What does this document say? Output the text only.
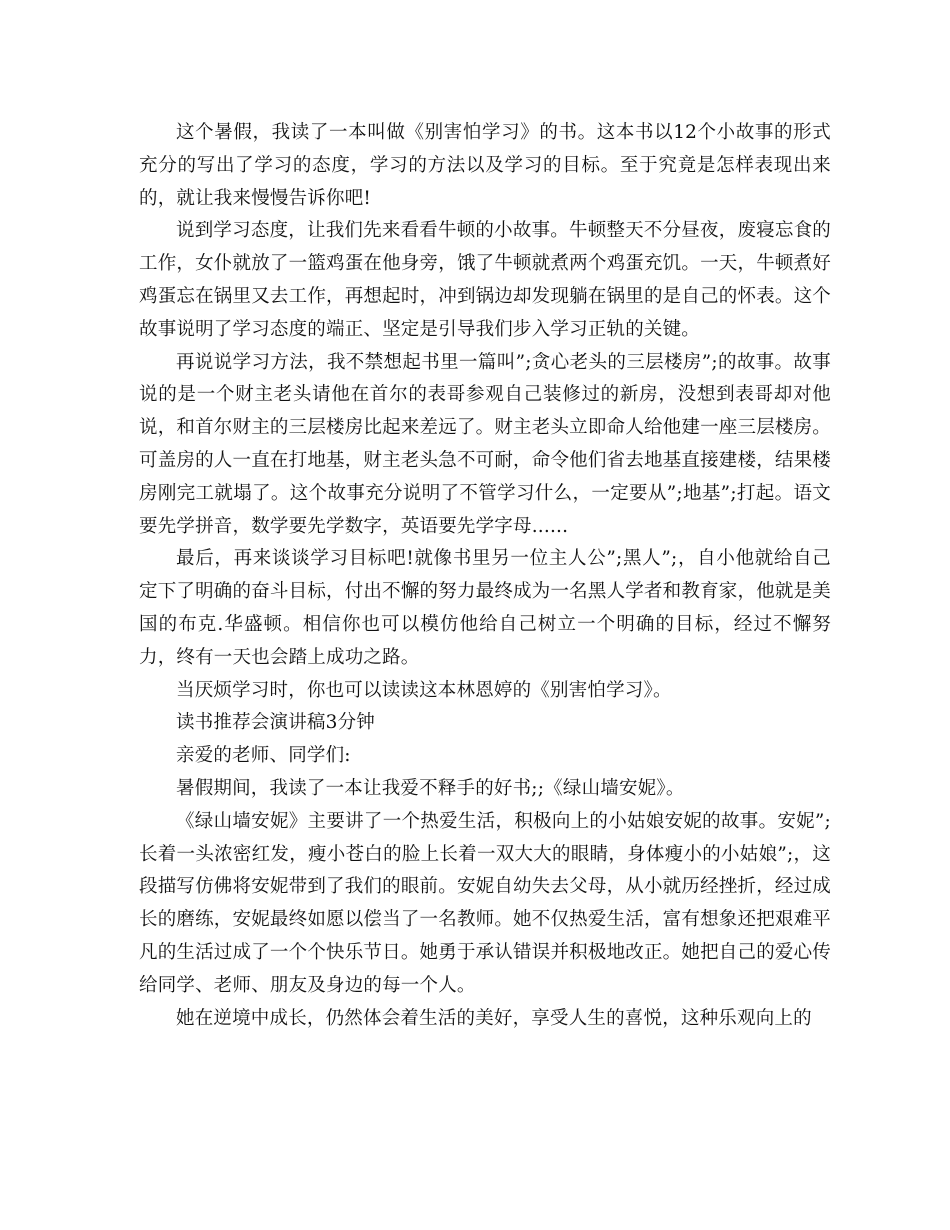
这个暑假，我读了一本叫做《别害怕学习》的书。这本书以12个小故事的形式充分的写出了学习的态度，学习的方法以及学习的目标。至于究竟是怎样表现出来的，就让我来慢慢告诉你吧!

说到学习态度，让我们先来看看牛顿的小故事。牛顿整天不分昼夜，废寝忘食的工作，女仆就放了一篮鸡蛋在他身旁，饿了牛顿就煮两个鸡蛋充饥。一天，牛顿煮好鸡蛋忘在锅里又去工作，再想起时，冲到锅边却发现躺在锅里的是自己的怀表。这个故事说明了学习态度的端正、坚定是引导我们步入学习正轨的关键。

再说说学习方法，我不禁想起书里一篇叫”;贪心老头的三层楼房”;的故事。故事说的是一个财主老头请他在首尔的表哥参观自己装修过的新房，没想到表哥却对他说，和首尔财主的三层楼房比起来差远了。财主老头立即命人给他建一座三层楼房。可盖房的人一直在打地基，财主老头急不可耐，命令他们省去地基直接建楼，结果楼房刚完工就塌了。这个故事充分说明了不管学习什么，一定要从”;地基”;打起。语文要先学拼音，数学要先学数字，英语要先学字母......

最后，再来谈谈学习目标吧!就像书里另一位主人公”;黑人”;，自小他就给自己定下了明确的奋斗目标，付出不懈的努力最终成为一名黑人学者和教育家，他就是美国的布克.华盛顿。相信你也可以模仿他给自己树立一个明确的目标，经过不懈努力，终有一天也会踏上成功之路。

当厌烦学习时，你也可以读读这本林恩婷的《别害怕学习》。

读书推荐会演讲稿3分钟

亲爱的老师、同学们:

暑假期间，我读了一本让我爱不释手的好书;;《绿山墙安妮》。

《绿山墙安妮》主要讲了一个热爱生活，积极向上的小姑娘安妮的故事。安妮”;长着一头浓密红发，瘦小苍白的脸上长着一双大大的眼睛，身体瘦小的小姑娘”;，这段描写仿佛将安妮带到了我们的眼前。安妮自幼失去父母，从小就历经挫折，经过成长的磨练，安妮最终如愿以偿当了一名教师。她不仅热爱生活，富有想象还把艰难平凡的生活过成了一个个快乐节日。她勇于承认错误并积极地改正。她把自己的爱心传给同学、老师、朋友及身边的每一个人。

她在逆境中成长，仍然体会着生活的美好，享受人生的喜悦，这种乐观向上的
